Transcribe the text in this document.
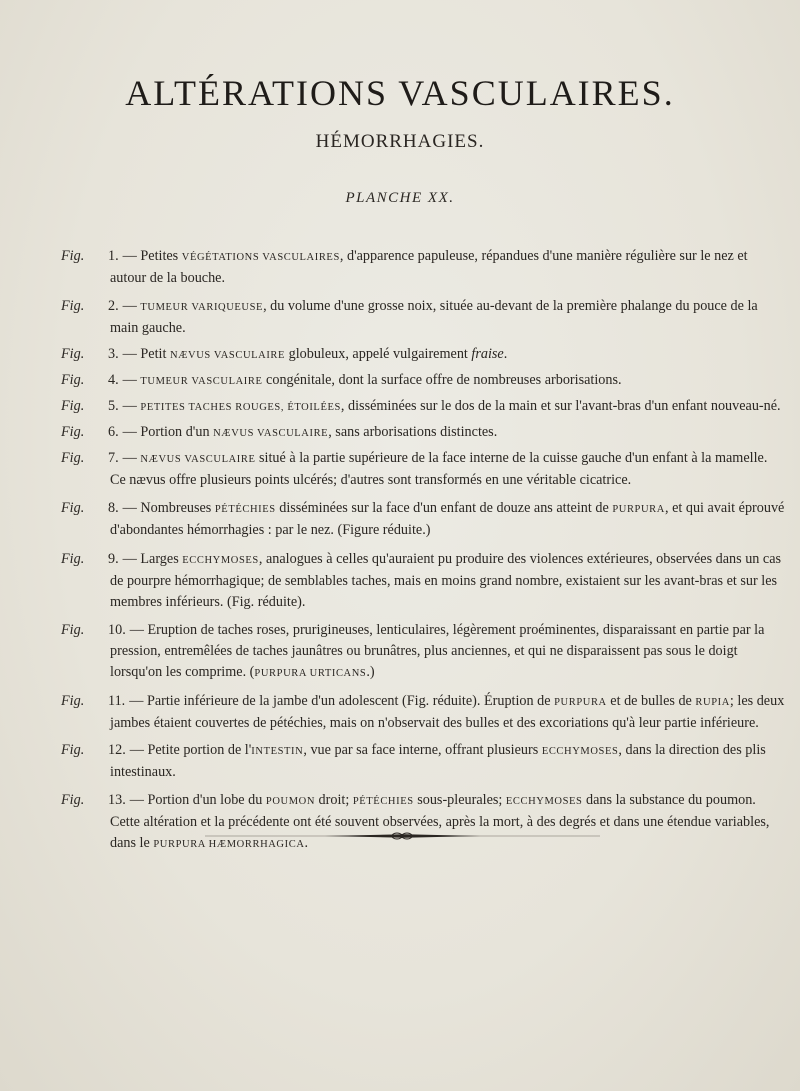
ALTÉRATIONS VASCULAIRES.
HÉMORRHAGIES.
PLANCHE XX.
Fig. 1. — Petites VÉGÉTATIONS VASCULAIRES, d'apparence papuleuse, répandues d'une manière régulière sur le nez et autour de la bouche.
Fig. 2. — TUMEUR VARIQUEUSE, du volume d'une grosse noix, située au-devant de la première phalange du pouce de la main gauche.
Fig. 3. — Petit NÆVUS VASCULAIRE globuleux, appelé vulgairement fraise.
Fig. 4. — TUMEUR VASCULAIRE congénitale, dont la surface offre de nombreuses arborisations.
Fig. 5. — PETITES TACHES ROUGES, ÉTOILÉES, disséminées sur le dos de la main et sur l'avant-bras d'un enfant nouveau-né.
Fig. 6. — Portion d'un NÆVUS VASCULAIRE, sans arborisations distinctes.
Fig. 7. — NÆVUS VASCULAIRE situé à la partie supérieure de la face interne de la cuisse gauche d'un enfant à la mamelle. Ce nævus offre plusieurs points ulcérés; d'autres sont transformés en une véritable cicatrice.
Fig. 8. — Nombreuses PÉTÉCHIES disséminées sur la face d'un enfant de douze ans atteint de PURPURA, et qui avait éprouvé d'abondantes hémorrhagies : par le nez. (Figure réduite.)
Fig. 9. — Larges ECCHYMOSES, analogues à celles qu'auraient pu produire des violences extérieures, observées dans un cas de pourpre hémorrhagique; de semblables taches, mais en moins grand nombre, existaient sur les avant-bras et sur les membres inférieurs. (Fig. réduite).
Fig. 10. — Eruption de taches roses, prurigineuses, lenticulaires, légèrement proéminentes, disparaissant en partie par la pression, entremêlées de taches jaunâtres ou brunâtres, plus anciennes, et qui ne disparaissent pas sous le doigt lorsqu'on les comprime. (PURPURA URTICANS.)
Fig. 11. — Partie inférieure de la jambe d'un adolescent (Fig. réduite). Éruption de PURPURA et de bulles de RUPIA; les deux jambes étaient couvertes de pétéchies, mais on n'observait des bulles et des excoriations qu'à leur partie inférieure.
Fig. 12. — Petite portion de l'INTESTIN, vue par sa face interne, offrant plusieurs ECCHYMOSES, dans la direction des plis intestinaux.
Fig. 13. — Portion d'un lobe du POUMON droit; PÉTÉCHIES sous-pleurales; ECCHYMOSES dans la substance du poumon. Cette altération et la précédente ont été souvent observées, après la mort, à des degrés et dans une étendue variables, dans le PURPURA HÆMORRHAGICA.
